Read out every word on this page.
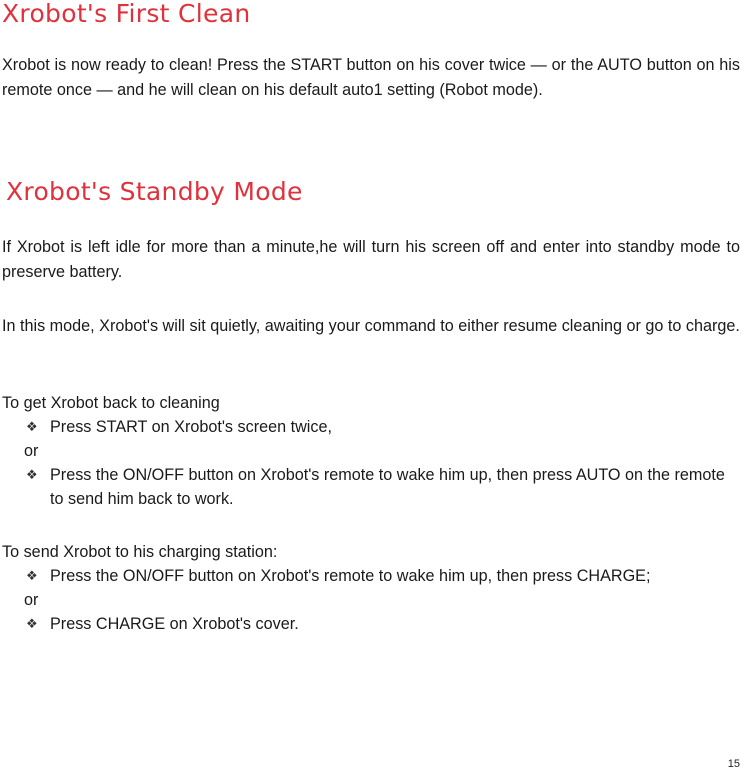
Xrobot's First Clean

Xrobot is now ready to clean! Press the START button on his cover twice — or the AUTO button on his remote once — and he will clean on his default auto1 setting (Robot mode).

Xrobot's Standby Mode

If Xrobot is left idle for more than a minute,he will turn his screen off and enter into standby mode to preserve battery.

In this mode, Xrobot's will sit quietly, awaiting your command to either resume cleaning or go to charge.

To get Xrobot back to cleaning

❖ Press START on Xrobot's screen twice,

or

❖ Press the ON/OFF button on Xrobot's remote to wake him up, then press AUTO on the remote to send him back to work.

To send Xrobot to his charging station:

❖ Press the ON/OFF button on Xrobot's remote to wake him up, then press CHARGE;

or

❖ Press CHARGE on Xrobot's cover.

15
